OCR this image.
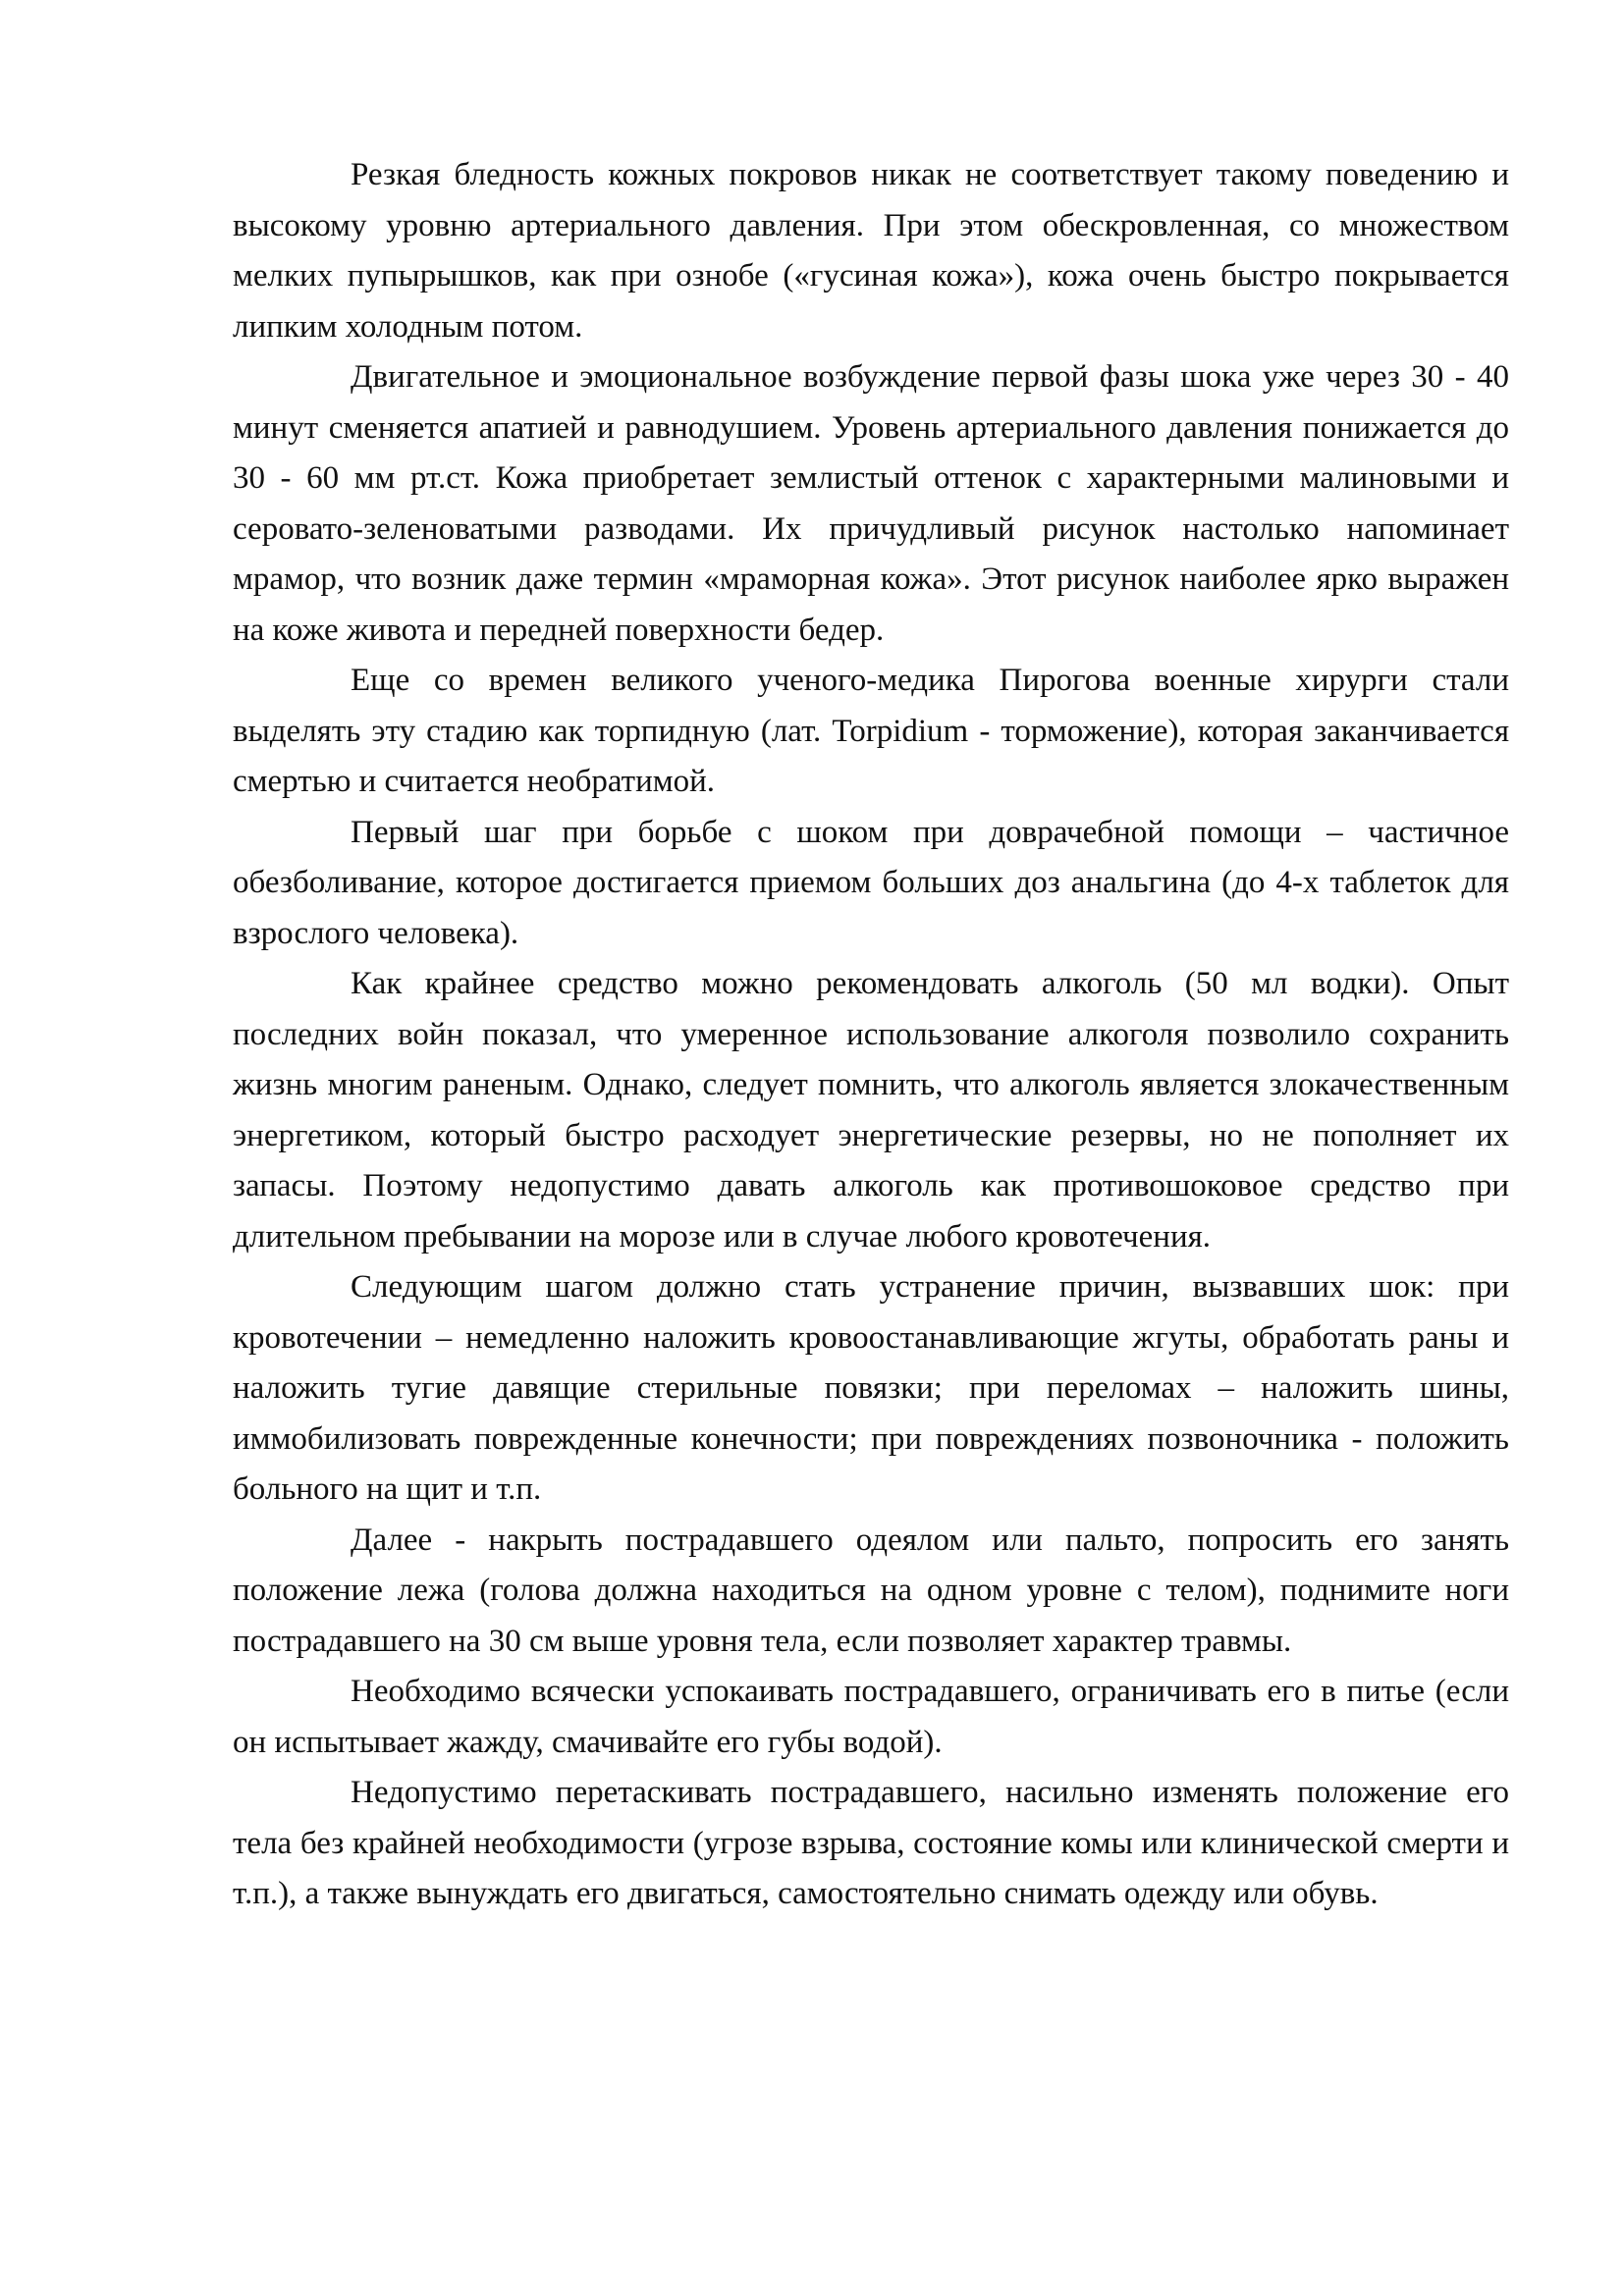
Резкая бледность кожных покровов никак не соответствует такому поведению и высокому уровню артериального давления. При этом обескровленная, со множеством мелких пупырышков, как при ознобе («гусиная кожа»), кожа очень быстро покрывается липким холодным потом.

Двигательное и эмоциональное возбуждение первой фазы шока уже через 30 - 40 минут сменяется апатией и равнодушием. Уровень артериального давления понижается до 30 - 60 мм рт.ст. Кожа приобретает землистый оттенок с характерными малиновыми и серовато-зеленоватыми разводами. Их причудливый рисунок настолько напоминает мрамор, что возник даже термин «мраморная кожа». Этот рисунок наиболее ярко выражен на коже живота и передней поверхности бедер.

Еще со времен великого ученого-медика Пирогова военные хирурги стали выделять эту стадию как торпидную (лат. Torpidium - торможение), которая заканчивается смертью и считается необратимой.

Первый шаг при борьбе с шоком при доврачебной помощи – частичное обезболивание, которое достигается приемом больших доз анальгина (до 4-х таблеток для взрослого человека).

Как крайнее средство можно рекомендовать алкоголь (50 мл водки). Опыт последних войн показал, что умеренное использование алкоголя позволило сохранить жизнь многим раненым. Однако, следует помнить, что алкоголь является злокачественным энергетиком, который быстро расходует энергетические резервы, но не пополняет их запасы. Поэтому недопустимо давать алкоголь как противошоковое средство при длительном пребывании на морозе или в случае любого кровотечения.

Следующим шагом должно стать устранение причин, вызвавших шок: при кровотечении – немедленно наложить кровоостанавливающие жгуты, обработать раны и наложить тугие давящие стерильные повязки; при переломах – наложить шины, иммобилизовать поврежденные конечности; при повреждениях позвоночника - положить больного на щит и т.п.

Далее - накрыть пострадавшего одеялом или пальто, попросить его занять положение лежа (голова должна находиться на одном уровне с телом), поднимите ноги пострадавшего на 30 см выше уровня тела, если позволяет характер травмы.

Необходимо всячески успокаивать пострадавшего, ограничивать его в питье (если он испытывает жажду, смачивайте его губы водой).

Недопустимо перетаскивать пострадавшего, насильно изменять положение его тела без крайней необходимости (угрозе взрыва, состояние комы или клинической смерти и т.п.), а также вынуждать его двигаться, самостоятельно снимать одежду или обувь.
